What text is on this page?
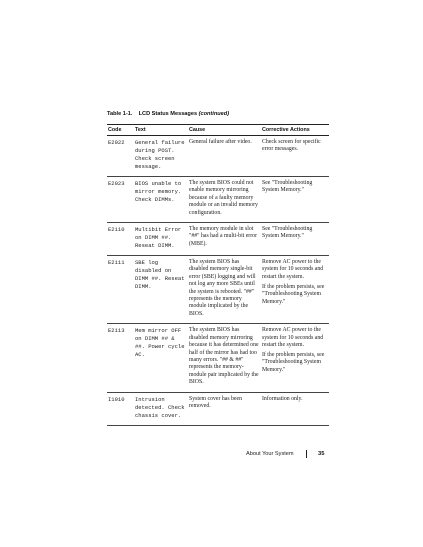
Table 1-1. LCD Status Messages (continued)
Code	Text	Cause	Corrective Actions
E2022	General failure during POST. Check screen message.	General failure after video.	Check screen for specific error messages.

E2023	BIOS unable to mirror memory. Check DIMMs.	The system BIOS could not enable memory mirroring because of a faulty memory module or an invalid memory configuration.	See "Troubleshooting System Memory."

E2110	Multibit Error on DIMM ##. Reseat DIMM.	The memory module in slot "##" has had a multi-bit error (MBE).	See "Troubleshooting System Memory."

E2111	SBE log disabled on DIMM ##. Reseat DIMM.	The system BIOS has disabled memory single-bit error (SBE) logging and will not log any more SBEs until the system is rebooted. "##" represents the memory module implicated by the BIOS.	Remove AC power to the system for 10 seconds and restart the system.

If the problem persists, see "Troubleshooting System Memory."

E2113	Mem mirror OFF on DIMM ## & ##. Power cycle AC.	The system BIOS has disabled memory mirroring because it has determined one half of the mirror has had too many errors. "## & ##" represents the memory-module pair implicated by the BIOS.	Remove AC power to the system for 10 seconds and restart the system.

If the problem persists, see "Troubleshooting System Memory."

I1910	Intrusion detected. Check chassis cover.	System cover has been removed.	Information only.

About Your System	35
